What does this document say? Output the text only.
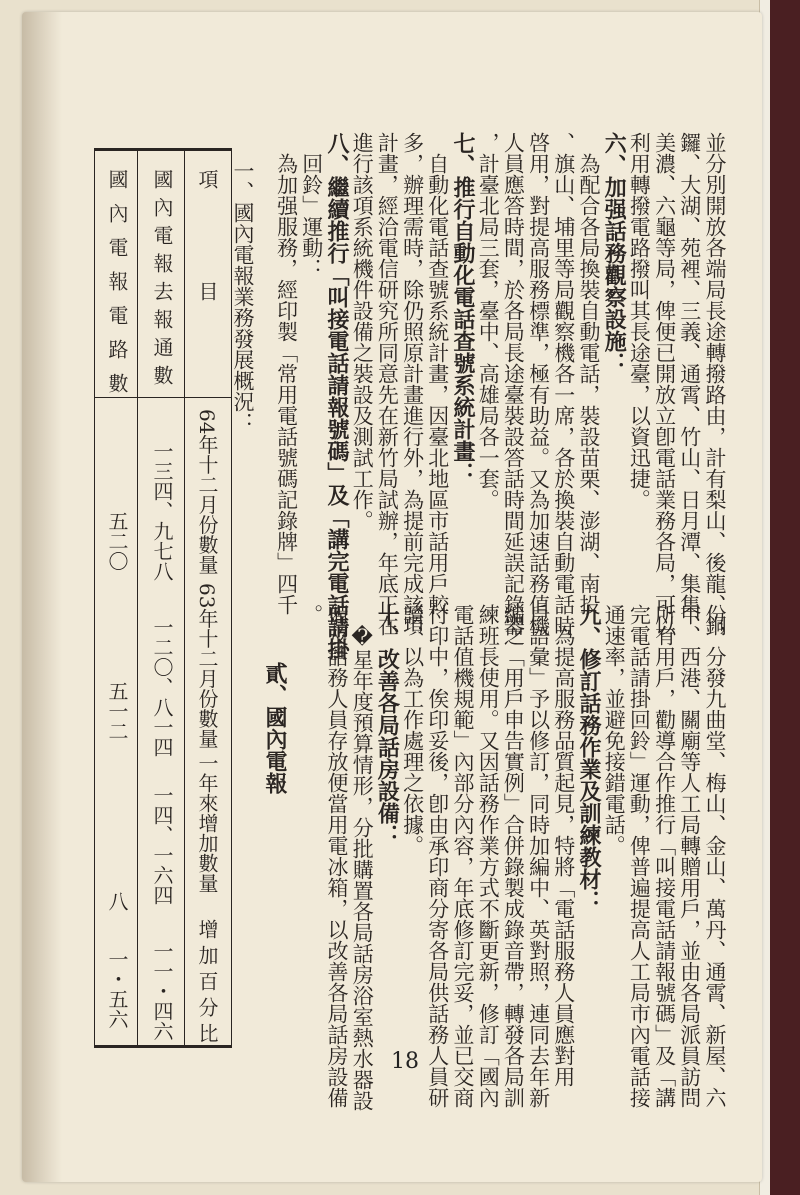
並分別開放各端局長途轉撥路由，計有梨山、後龍、銅
鑼、大湖、苑裡、三義、通霄、竹山、日月潭、集集、
美濃、六龜等局，俾便已開放立卽電話業務各局，可以
利用轉撥電路撥叫其長途臺，以資迅捷。
六、加强話務觀察設施：
　為配合各局換裝自動電話，裝設苗栗、澎湖、南投
、旗山、埔里等局觀察機各一席，各於換裝自動電話時
啓用，對提高服務標準，極有助益。又為加速話務值機
人員應答時間，於各局長途臺裝設答話時間延誤記錄器
，計臺北局三套，臺中、高雄局各一套。
七、推行自動化電話查號系統計畫：
　自動化電話查號系統計畫，因臺北地區市話用戶較
多，辦理需時，除仍照原計畫進行外，為提前完成該項
計畫，經洽電信研究所同意先在新竹局試辦，年底正在
進行該項系統機件設備之裝設及測試工作。
八、繼續推行「叫接電話請報號碼」及「講完電話請掛
　回鈴」運動：
　為加强服務，經印製「常用電話號碼記錄牌」四千
份，分發九曲堂、梅山、金山、萬丹、通霄、新屋、六
甲、西港、關廟等人工局轉贈用戶，並由各局派員訪問
所有用戶，勸導合作推行「叫接電話請報號碼」及「講
完電話請掛回鈴」運動，俾普遍提高人工局市內電話接
通速率，並避免接錯電話。
九、修訂話務作業及訓練教材：
　為提高服務品質起見，特將「電話服務人員應對用
戶語彙」予以修訂，同時加編中、英對照，連同去年新
編之「用戶申告實例」合併錄製成錄音帶，轉發各局訓
練班長使用。又因話務作業方式不斷更新，修訂「國內
電話值機規範」內部分內容，年底修訂完妥，並已交商
付印中，俟印妥後，卽由承印商分寄各局供話務人員研
讀，以為工作處理之依據。
十、改善各局話房設備：
　�星年度預算情形，分批購置各局話房浴室熱水器設
備及話務人員存放便當用電冰箱，以改善各局話房設備
。
貳、國內電報
一、國內電報業務發展概況：
項　　　目
64年十二月份數量
63年十二月份數量
一年來增加數量
增加百分比
國內電報去報通數
一三四、九七八
一二〇、八一四
一四、一六四
一一・四六
國內電報電路數
五二〇
五一二
八
一・五六
18
